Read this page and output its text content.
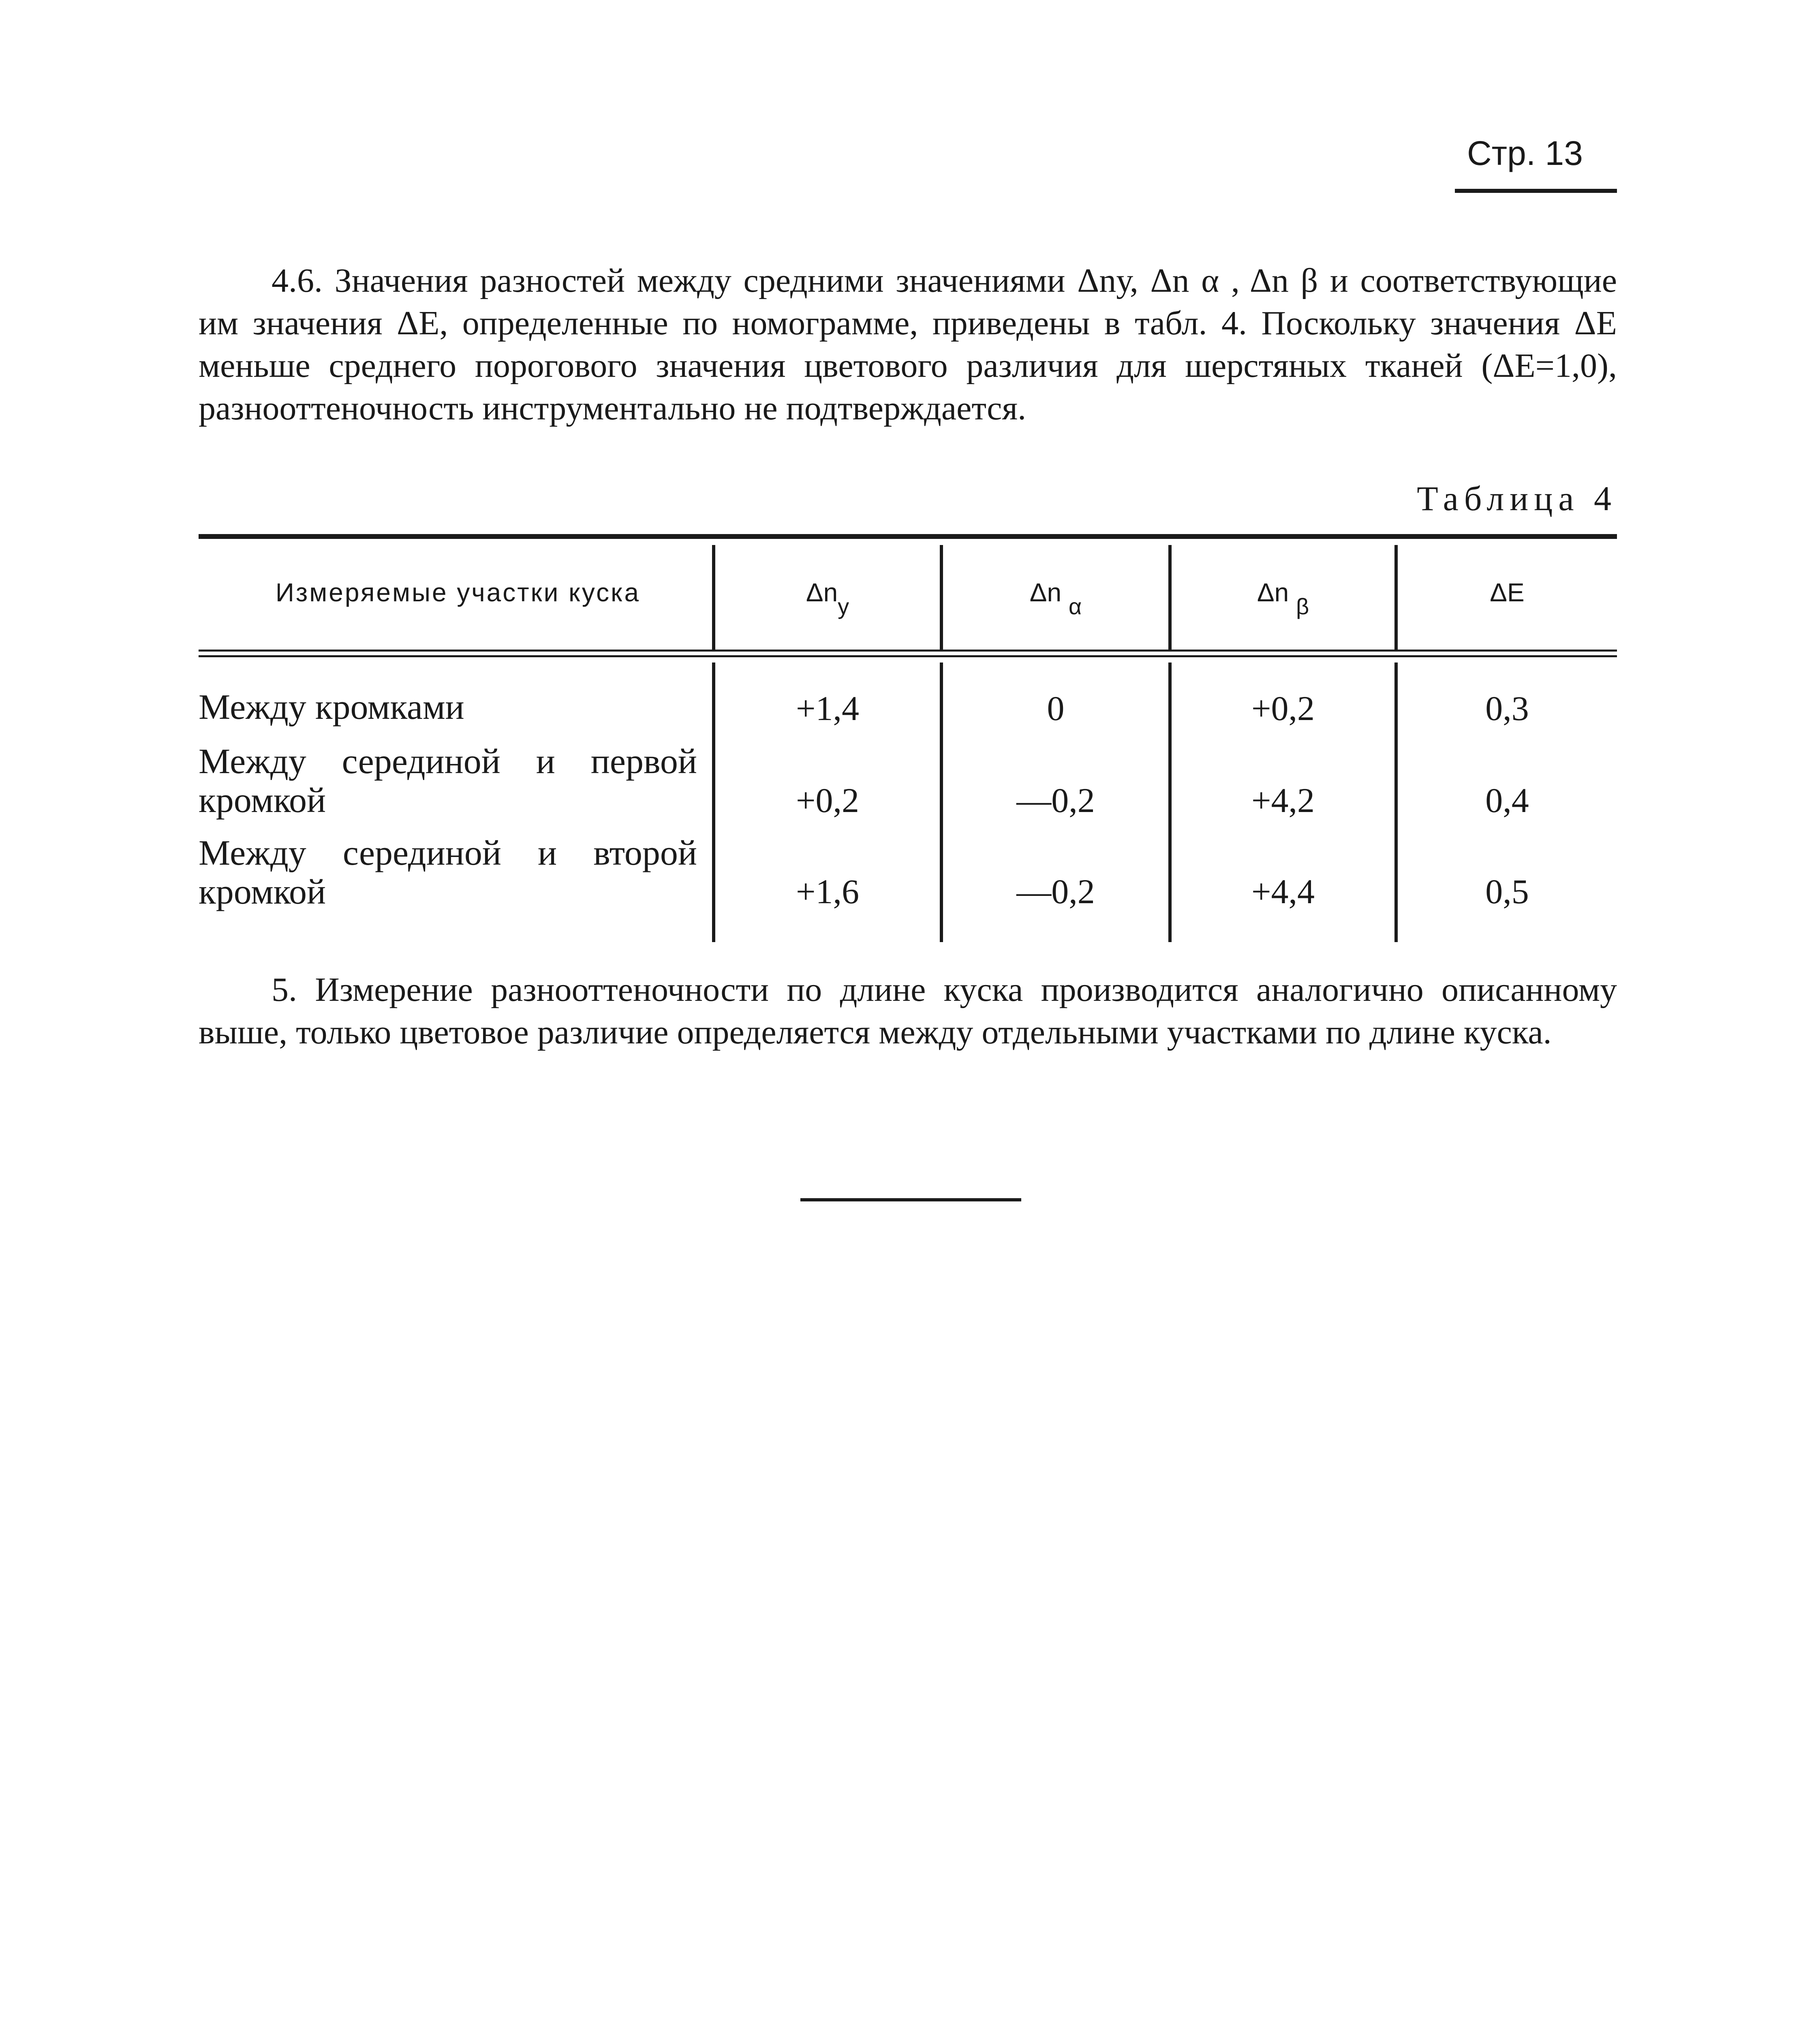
Стр. 13
4.6. Значения разностей между средними значениями Δnу, Δn α , Δn β и соответствующие им значения ΔE, определенные по номограмме, приведены в табл. 4. Поскольку значения ΔE меньше среднего порогового значения цветового различия для шерстяных тканей (ΔE=1,0), разнооттеночность инструментально не подтверждается.
Таблица 4
Измеряемые участки куска	Δnу	Δn α	Δn β	ΔE
Между кромками	+1,4	0	+0,2	0,3
Между серединой и первой кромкой	+0,2	—0,2	+4,2	0,4
Между серединой и второй кромкой	+1,6	—0,2	+4,4	0,5
5. Измерение разнооттеночности по длине куска производится аналогично описанному выше, только цветовое различие определяется между отдельными участками по длине куска.
